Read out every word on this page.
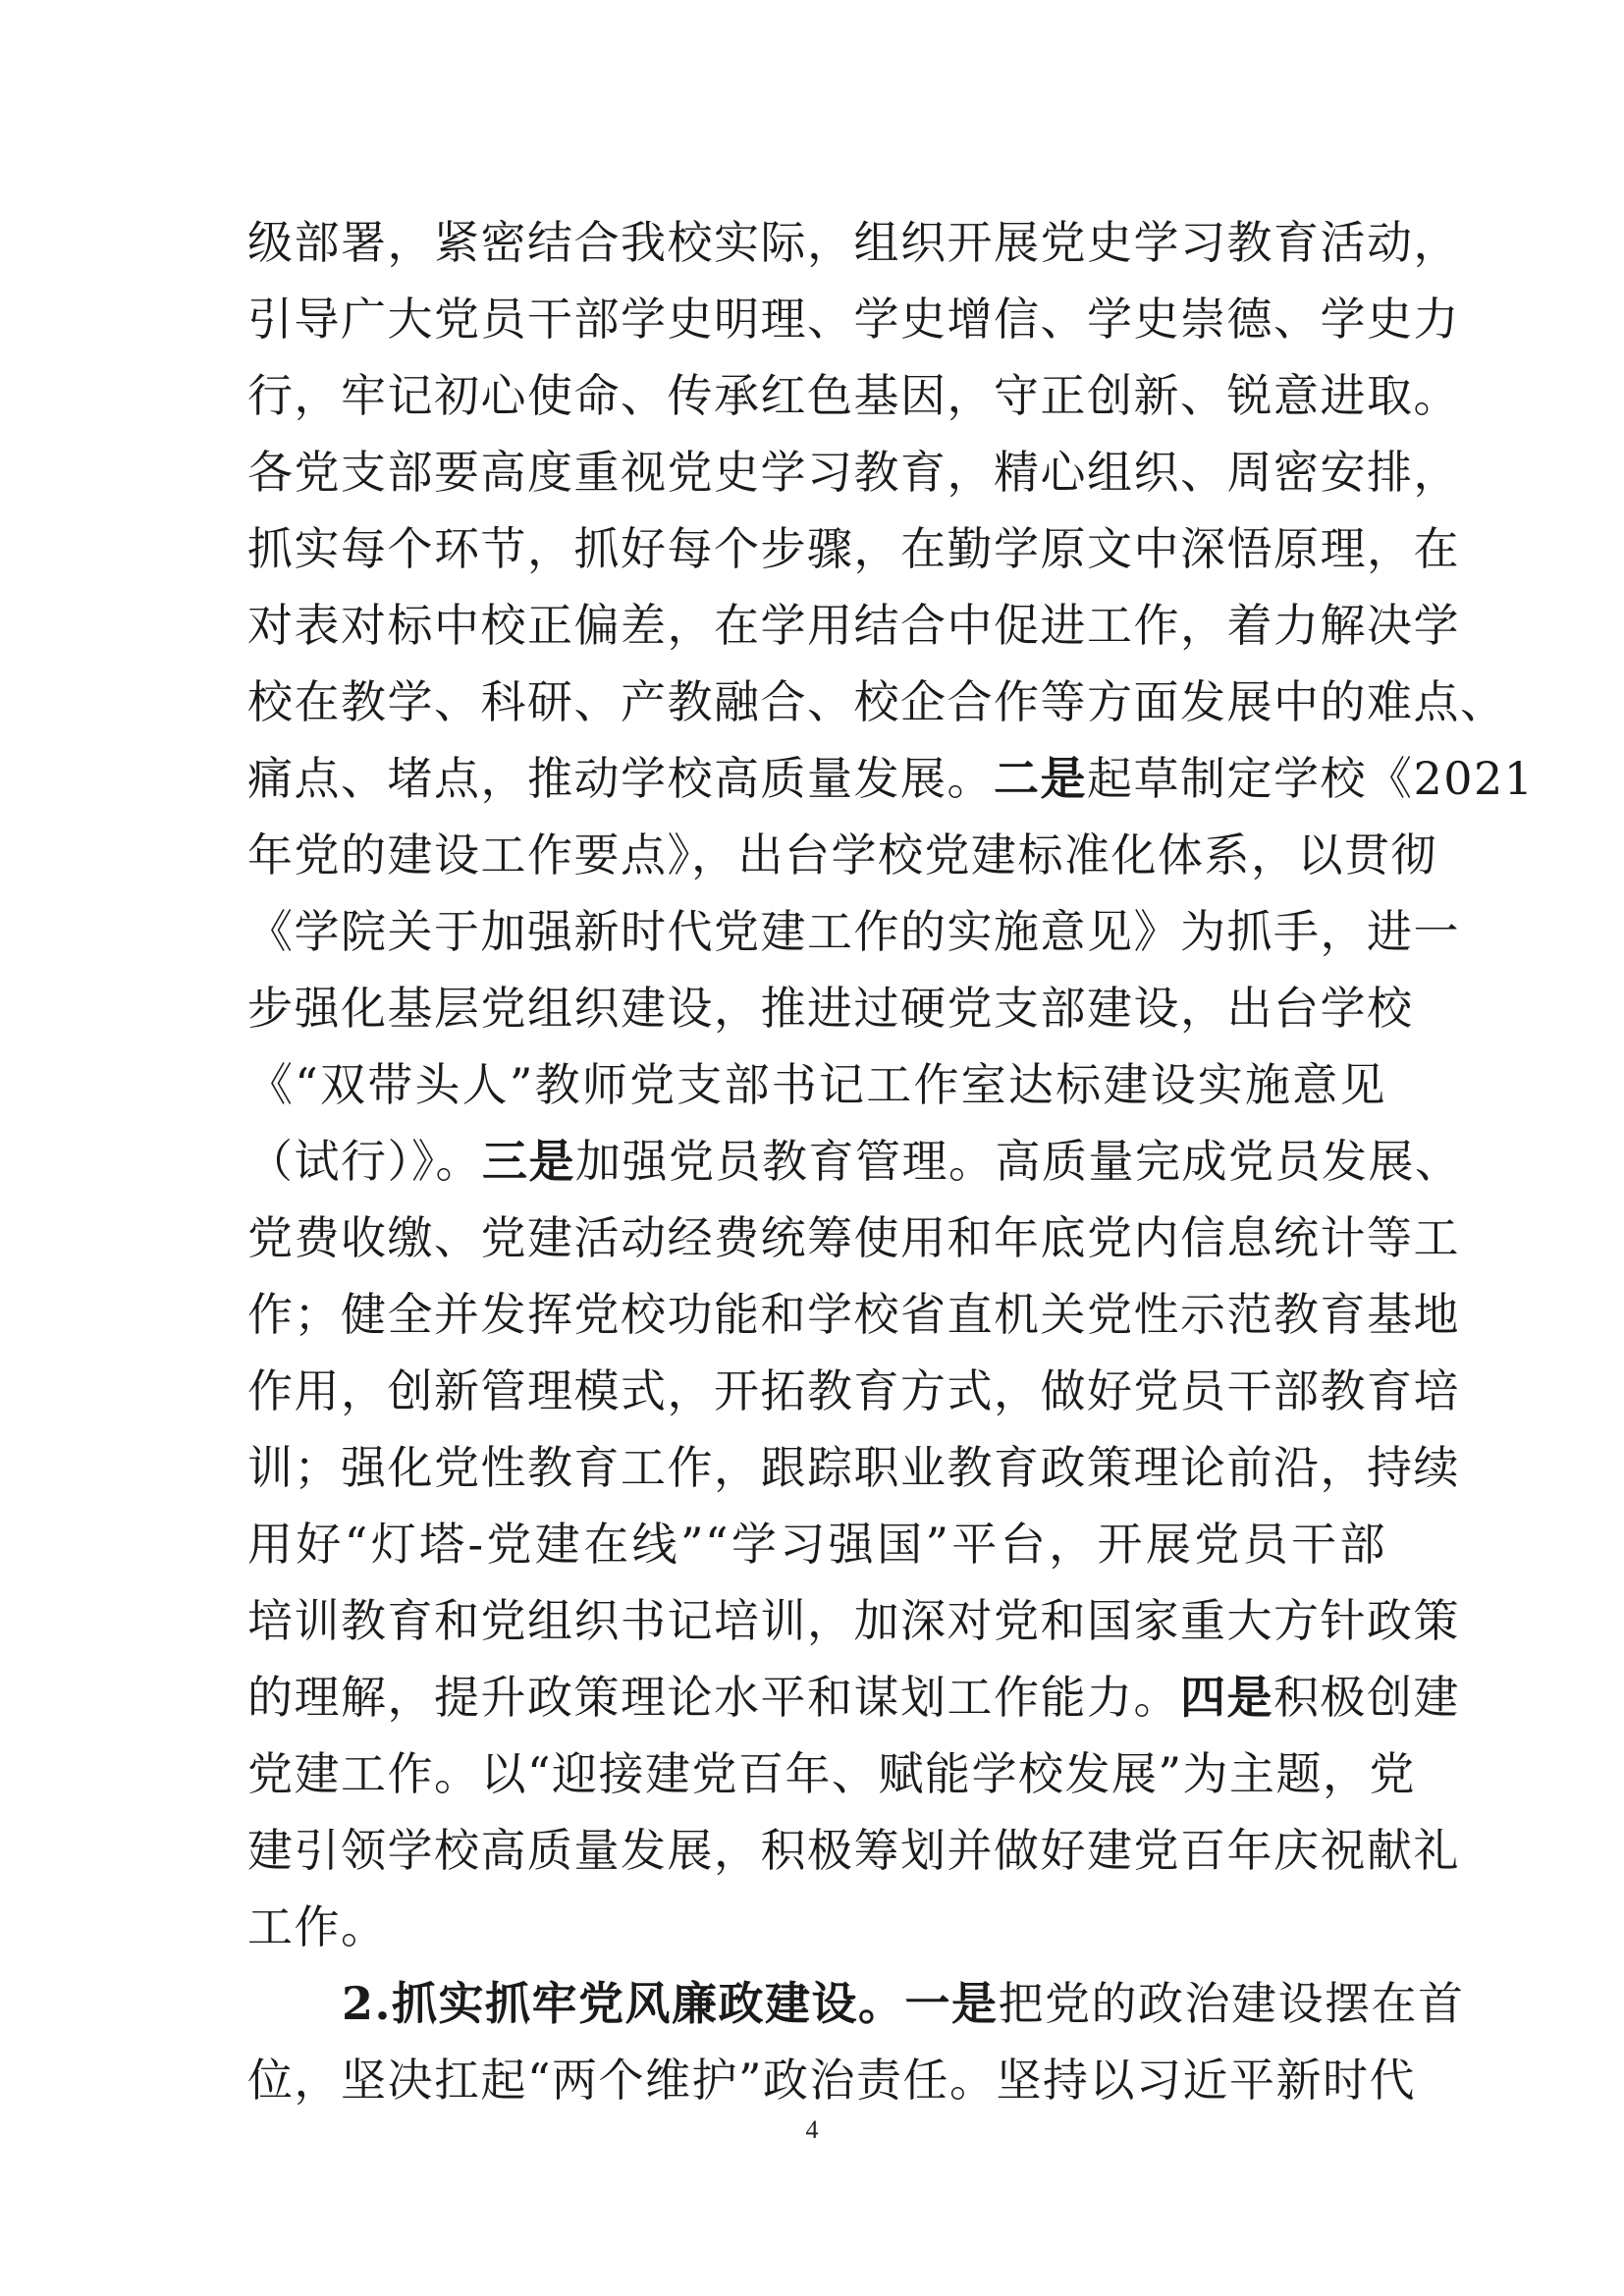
级部署，紧密结合我校实际，组织开展党史学习教育活动，
引导广大党员干部学史明理、学史增信、学史崇德、学史力
行，牢记初心使命、传承红色基因，守正创新、锐意进取。
各党支部要高度重视党史学习教育，精心组织、周密安排，
抓实每个环节，抓好每个步骤，在勤学原文中深悟原理，在
对表对标中校正偏差，在学用结合中促进工作，着力解决学
校在教学、科研、产教融合、校企合作等方面发展中的难点、
痛点、堵点，推动学校高质量发展。二是起草制定学校《2021
年党的建设工作要点》，出台学校党建标准化体系，以贯彻
《学院关于加强新时代党建工作的实施意见》为抓手，进一
步强化基层党组织建设，推进过硬党支部建设，出台学校
《“双带头人”教师党支部书记工作室达标建设实施意见
（试行）》。三是加强党员教育管理。高质量完成党员发展、
党费收缴、党建活动经费统筹使用和年底党内信息统计等工
作；健全并发挥党校功能和学校省直机关党性示范教育基地
作用，创新管理模式，开拓教育方式，做好党员干部教育培
训；强化党性教育工作，跟踪职业教育政策理论前沿，持续
用好“灯塔-党建在线”“学习强国”平台，开展党员干部
培训教育和党组织书记培训，加深对党和国家重大方针政策
的理解，提升政策理论水平和谋划工作能力。四是积极创建
党建工作。以“迎接建党百年、赋能学校发展”为主题，党
建引领学校高质量发展，积极筹划并做好建党百年庆祝献礼
工作。
2.抓实抓牢党风廉政建设。一是把党的政治建设摆在首
位，坚决扛起“两个维护”政治责任。坚持以习近平新时代
4
